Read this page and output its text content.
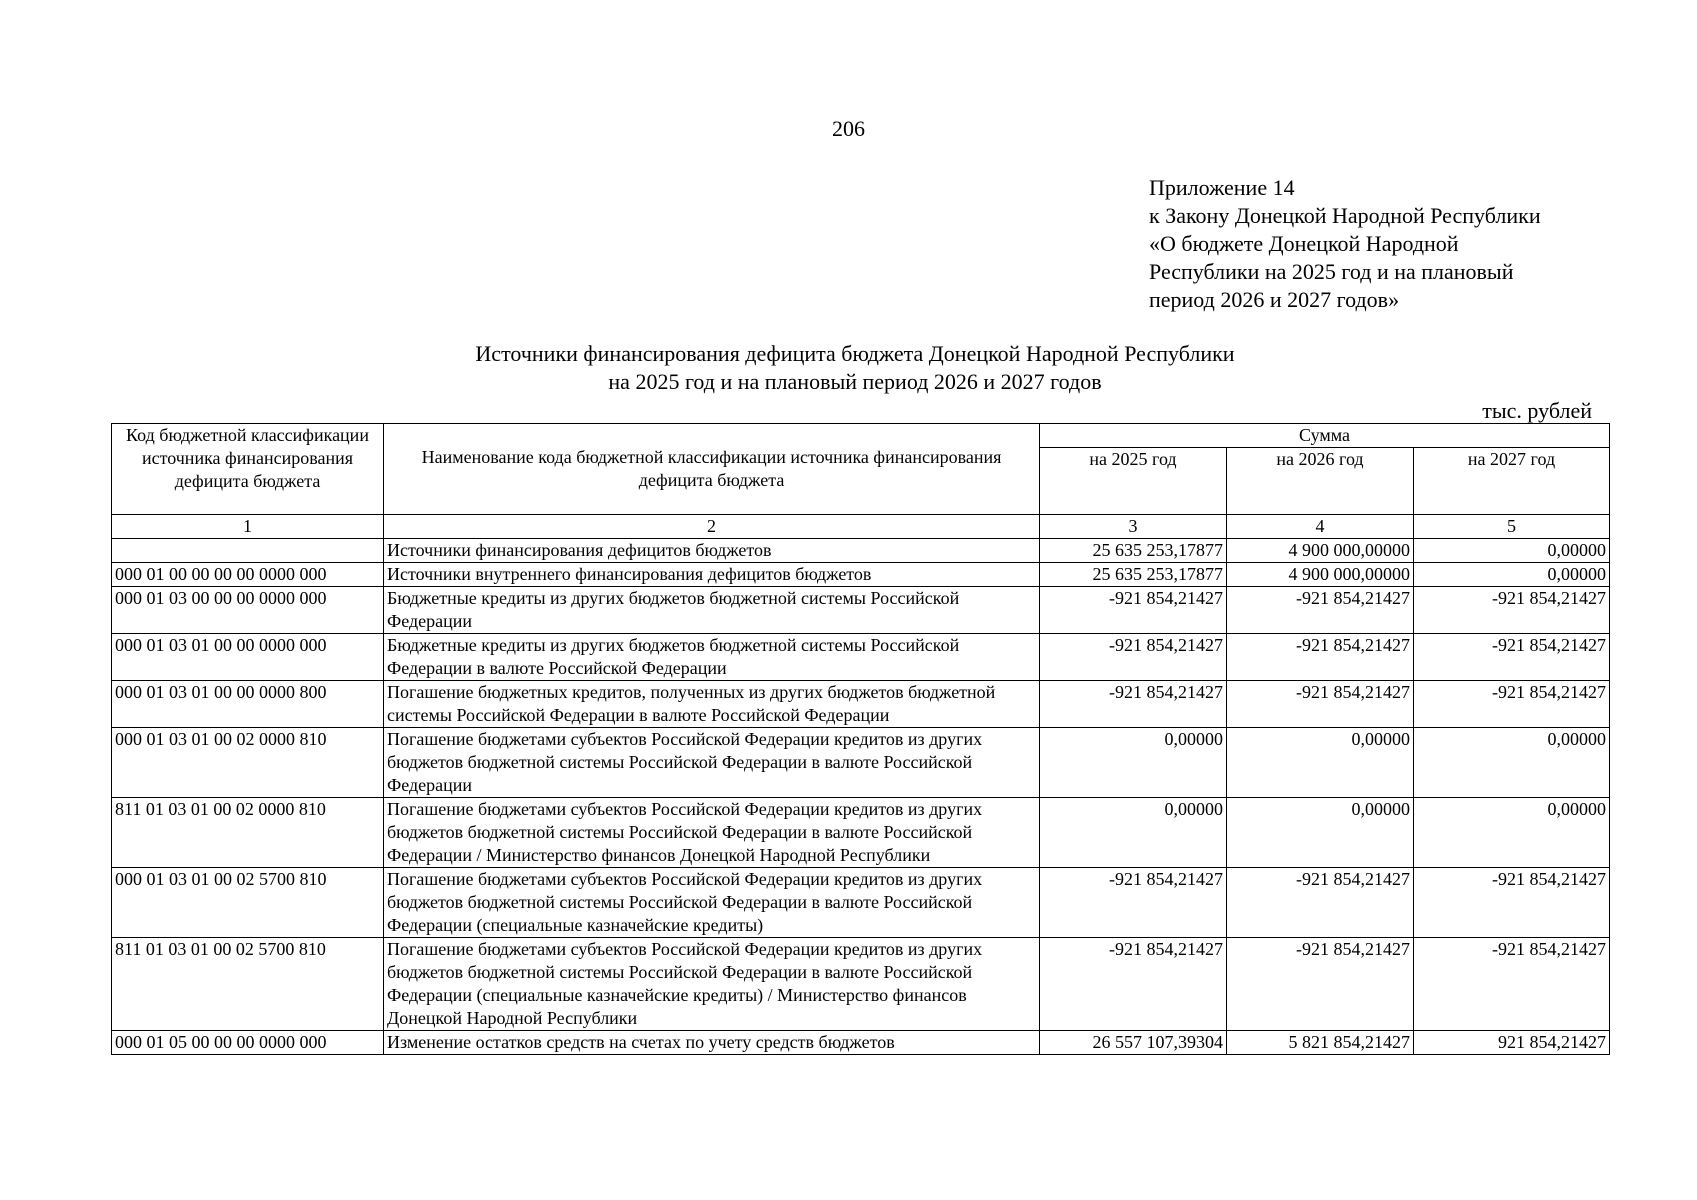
206
Приложение 14
к Закону Донецкой Народной Республики
«О бюджете Донецкой Народной
Республики на 2025 год и на плановый
период 2026 и 2027 годов»
Источники финансирования дефицита бюджета Донецкой Народной Республики
на 2025 год и на плановый период 2026 и 2027 годов
тыс. рублей
Код бюджетной классификации источника финансирования дефицита бюджета	Наименование кода бюджетной классификации источника финансирования дефицита бюджета	Сумма		
		на 2025 год	на 2026 год	на 2027 год
1	2	3	4	5
	Источники финансирования дефицитов бюджетов	25 635 253,17877	4 900 000,00000	0,00000
000 01 00 00 00 00 0000 000	Источники внутреннего финансирования дефицитов бюджетов	25 635 253,17877	4 900 000,00000	0,00000
000 01 03 00 00 00 0000 000	Бюджетные кредиты из других бюджетов бюджетной системы Российской Федерации	-921 854,21427	-921 854,21427	-921 854,21427
000 01 03 01 00 00 0000 000	Бюджетные кредиты из других бюджетов бюджетной системы Российской Федерации в валюте Российской Федерации	-921 854,21427	-921 854,21427	-921 854,21427
000 01 03 01 00 00 0000 800	Погашение бюджетных кредитов, полученных из других бюджетов бюджетной системы Российской Федерации в валюте Российской Федерации	-921 854,21427	-921 854,21427	-921 854,21427
000 01 03 01 00 02 0000 810	Погашение бюджетами субъектов Российской Федерации кредитов из других бюджетов бюджетной системы Российской Федерации в валюте Российской Федерации	0,00000	0,00000	0,00000
811 01 03 01 00 02 0000 810	Погашение бюджетами субъектов Российской Федерации кредитов из других бюджетов бюджетной системы Российской Федерации в валюте Российской Федерации / Министерство финансов Донецкой Народной Республики	0,00000	0,00000	0,00000
000 01 03 01 00 02 5700 810	Погашение бюджетами субъектов Российской Федерации кредитов из других бюджетов бюджетной системы Российской Федерации в валюте Российской Федерации (специальные казначейские кредиты)	-921 854,21427	-921 854,21427	-921 854,21427
811 01 03 01 00 02 5700 810	Погашение бюджетами субъектов Российской Федерации кредитов из других бюджетов бюджетной системы Российской Федерации в валюте Российской Федерации (специальные казначейские кредиты) / Министерство финансов Донецкой Народной Республики	-921 854,21427	-921 854,21427	-921 854,21427
000 01 05 00 00 00 0000 000	Изменение остатков средств на счетах по учету средств бюджетов	26 557 107,39304	5 821 854,21427	921 854,21427
